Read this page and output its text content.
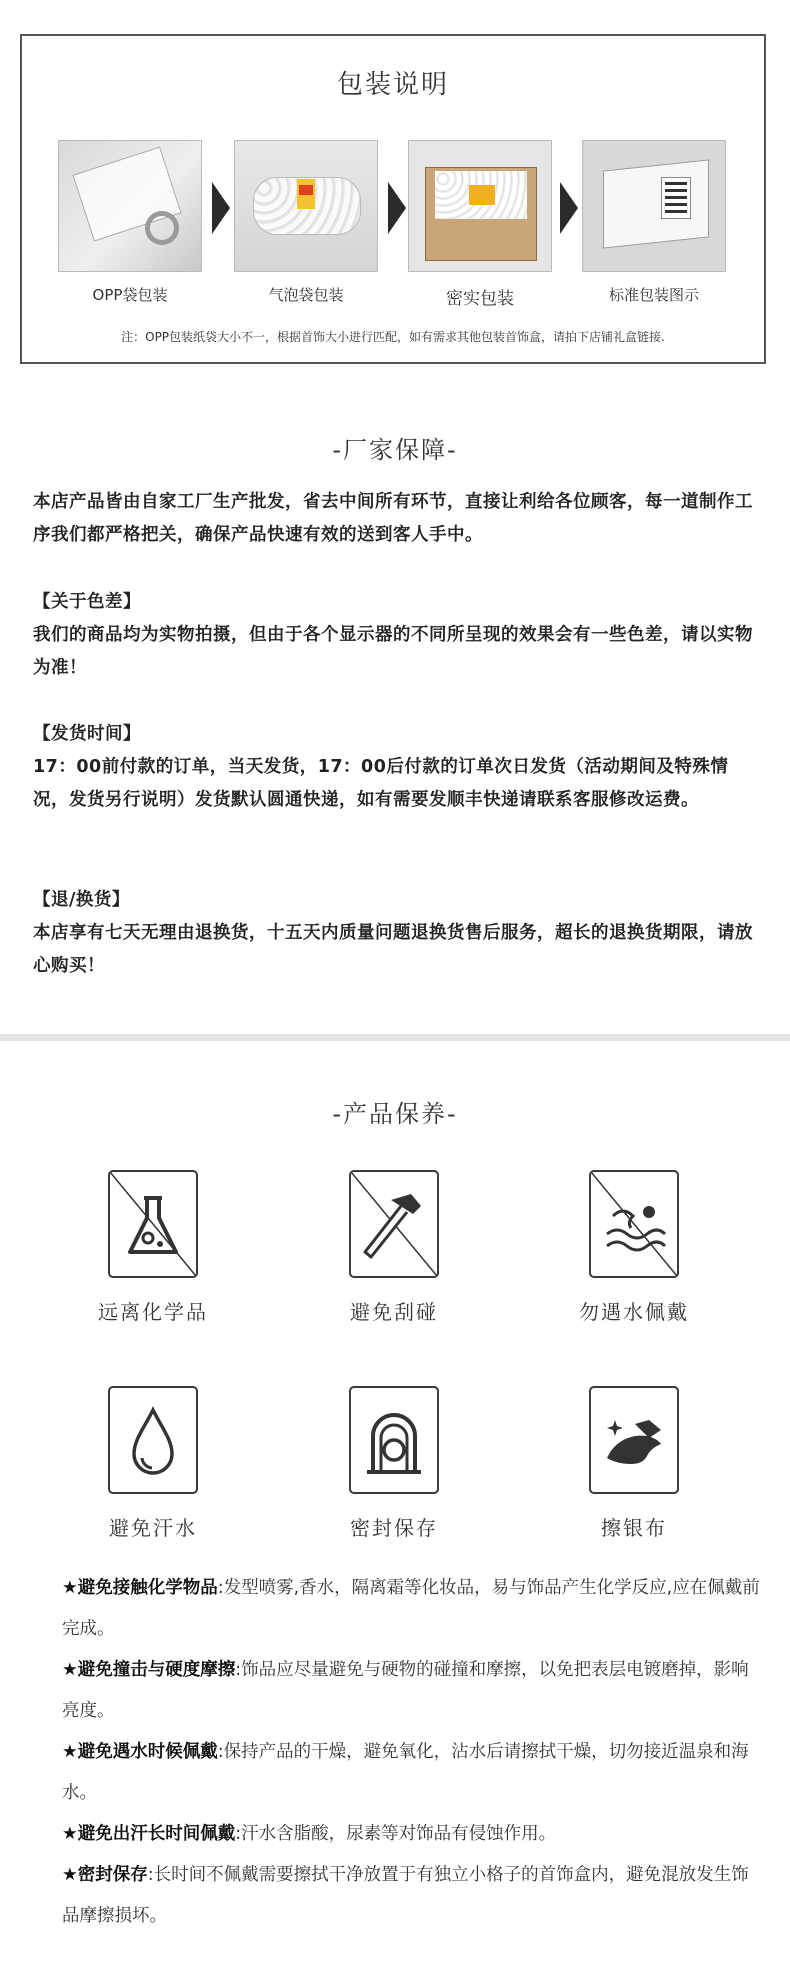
包装说明
OPP袋包装	气泡袋包装	密实包装	标准包装图示
注：OPP包装纸袋大小不一，根据首饰大小进行匹配，如有需求其他包装首饰盒，请拍下店铺礼盒链接.
-厂家保障-
本店产品皆由自家工厂生产批发，省去中间所有环节，直接让利给各位顾客，每一道制作工序我们都严格把关，确保产品快速有效的送到客人手中。
【关于色差】
我们的商品均为实物拍摄，但由于各个显示器的不同所呈现的效果会有一些色差，请以实物为准！
【发货时间】
17：00前付款的订单，当天发货，17：00后付款的订单次日发货（活动期间及特殊情况，发货另行说明）发货默认圆通快递，如有需要发顺丰快递请联系客服修改运费。
【退/换货】
本店享有七天无理由退换货，十五天内质量问题退换货售后服务，超长的退换货期限，请放心购买！
-产品保养-
远离化学品	避免刮碰	勿遇水佩戴
避免汗水	密封保存	擦银布
★避免接触化学物品:发型喷雾,香水，隔离霜等化妆品，易与饰品产生化学反应,应在佩戴前完成。
★避免撞击与硬度摩擦:饰品应尽量避免与硬物的碰撞和摩擦，以免把表层电镀磨掉，影响亮度。
★避免遇水时候佩戴:保持产品的干燥，避免氧化，沾水后请擦拭干燥，切勿接近温泉和海水。
★避免出汗长时间佩戴:汗水含脂酸，尿素等对饰品有侵蚀作用。
★密封保存:长时间不佩戴需要擦拭干净放置于有独立小格子的首饰盒内，避免混放发生饰品摩擦损坏。
